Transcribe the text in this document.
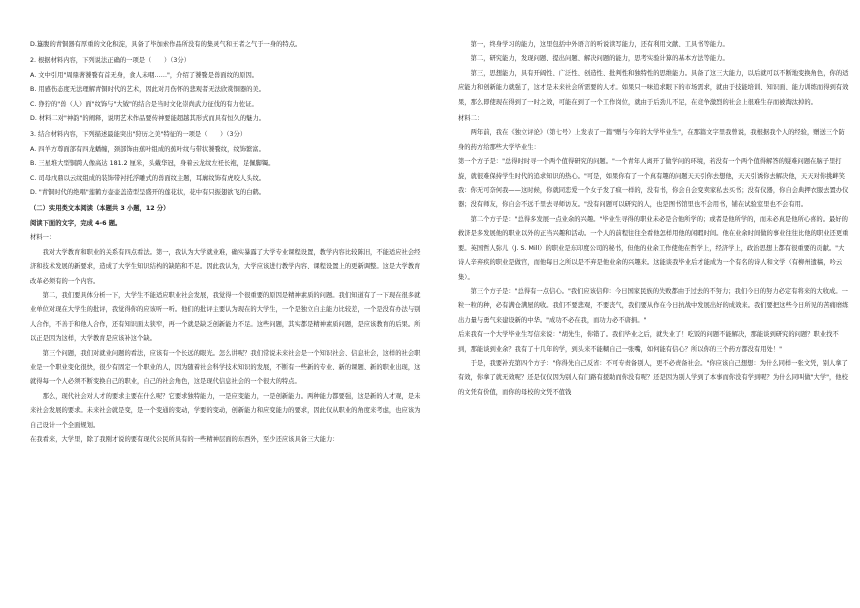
D.簋腹的青铜器有厚重的文化积淀，具备了毕加索作品所没有的集灵气和王者之气于一身的特点。

2. 根据材料内容，下列说法正确的一项是（　　）（3分）

A. 文中引用"周鼎著饕餮有首无身，食人未咽……"，介绍了饕餮是兽面纹的原因。

B. 用感伤态度无法理解青铜时代的艺术，因此对月伤怀的悲观者无法欣赏铜器的美。

C. 狰狞的"兽（人）面"纹饰与"大钺"的结合是当时文化崇尚武力征伐的有力佐证。

D. 材料二对"神韵"的阐释，说明艺术作品要传神要能超越其形式而具有恒久的魅力。

3. 结合材料内容，下列描述最能突出"狩历之美"特征的一项是（　　）（3分）

A. 四羊方尊面部有四龙蟠缠，颈部饰由蕉叶组成的蕉叶纹与带状饕餮纹，纹饰繁富。

B. 三星堆大型铜跨人像高达 181.2 厘米，头戴华冠，身着云龙纹左衽长袍，足佩脚镯。

C. 司母戊鼎以云纹组成的装饰带衬托浮雕式的兽面纹主题，耳廓纹饰有虎咬人头纹。

D. "青铜时代的绝唱"莲鹤方壶壶盖造型呈盛开的莲花状，花中有只振翅欲飞的白鹤。

（二）实用类文本阅读（本题共 3 小题，12 分）

阅读下面的文字，完成 4-6 题。

材料一：

我对大学教育和职业的关系有四点看法。第一，我认为大学就业难，确实暴露了大学专业课程设置，教学内容比较陈旧，不能适应社会经济和技术发展的新要求，造成了大学生知识结构的缺陷和不足。因此我认为，大学应该进行教学内容、课程设置上的更新调整。这是大学教育改革必须有的一个内容。

第二，我们要具体分析一下，大学生不能适应职业社会发展，我觉得一个很重要的原因是精神素质的问题。我们知道有了一下现在很多就业单位对现在大学生的批评，我觉得你的应该听一听。他们的批评主要认为现在的大学生，一个是独立自主能力比较差，一个是没有办法与别人合作，不善于和他人合作，还有知识面太狭窄，再一个就是缺乏创新能力不足。这些问题，其实都是精神素质问题，是应该教育的后果。所以正是因为这样，大学教育是应该补这个缺。

第三个问题，我们对就业问题的看法，应该有一个长远的眼光。怎么讲呢？我们常说未来社会是一个知识社会、信息社会，这样的社会职业是一个职业变化很快，很少有固定一个职业的人，因为随着社会科学技术知识的发展，不断有一些新的专业、新的课题、新的职业出现，这就得每一个人必须不断变换自己的职业，自己的社会角色，这是现代信息社会的一个很大的特点。

那么，现代社会对人才的要求主要在什么呢？它要求独特能力，一是应变能力，一是创新能力。两种能力都要强，这是新的人才观，是未来社会发展的要求。未来社会就是变，是一个变通的变动，学要的变动，创新能力和应变能力的要求，因此仅从职业的角度来考虑，也应该为自己设计一个全面规划。

在我看来，大学里，除了我刚才说的要有现代公民所具有的一些精神层面的东西外，至少还应该具备三大能力：

第一，终身学习的能力，这里包括中外语言的听说读写能力，还有利用文献、工具书等能力。

第二，研究能力，发现问题、提出问题、解决问题的能力，思考实验计算的基本方法等能力。

第三，思想能力，具有开阔性、广泛性、创造性、批判性和独特性的思维能力。具备了这三大能力，以后就可以不断地变换角色，你的适应能力和创新能力就强了，这才是未来社会所需要的人才。如果只一味追求眼下的市场需求，就由于技能培训、知识面、能力训练而得到有效果，那么即使现在得到了一时之效，可能在到了一个工作岗位，就由于后劲儿不足，在竞争激烈的社会上很难生存而被淘汰掉的。

材料二：

两年前，我在《独立评论》（第七号）上发表了一篇"赠与今年的大学毕业生"，在那篇文字里我曾说，我根据我个人的经验，赠送三个防身的药方给那些大学毕业生：

第一个方子是："总得时时寻一个两个值得研究的问题。"一个青年人离开了做学问的环境，若没有一个两个值得解答的疑难问题在脑子里打旋，就很难保持学生时代的追求知识的热心。"可是，如果你有了一个真有趣的问题天天引你去想他，天天引诱你去解决他，天天对你挑衅笑我：你无可奈何我——这时候，你就同恋爱一个女子发了疯一样的，没有书，你会自会变卖家私去买书；没有仪器，你自会典押衣服去置办仪器；没有师友，你自会不远千里去寻师访友。"没有问题可以研究的人，也是图书馆里也不会用书，铺在试验室里也不会有用。

第二个方子是："总得多发展一点业余的兴趣。"毕业生寻得的职业未必是合他所学的；或者是他所学的，而未必真是他所心喜的。最好的救济是多发展他的职业以外的正当兴趣和活动。一个人的前程往往全看他怎样用他的闲暇时间。他在业余时间做的事业往往比他的职业还更重要。英国哲人弥儿（J. S. Mill）的职业是东印度公司的秘书，但他的业余工作使他在哲学上，经济学上，政治思想上都有很重要的贡献。"大诗人辛弃疾的职业是做官，而他每日之所以是不弃是他业余的兴趣来。这能谈我毕业后才能成为一个有名的诗人和文学（有柳州遗稿，吟云集）。

第三个方子是："总得有一点信心。"我们应该信仰：今日国家民族的失败都由于过去的不努力；我们今日的努力必定有将来的大收成。一粒一粒的种，必有满仓满屋的收。我们不要悲观，不要丧气，我们要从作在今日抗战中发展出好的成效来。我们要把这些今日所见的苦痛磨练出力量与勇气来建设新的中华。"成功不必在我，而功力必不唐捐。"

后来我有一个大学毕业生写信来说："胡先生，你错了。我们毕业之后，就失业了！吃饭的问题不能解决，那能谈到研究的问题？职业找不到，那能谈到业余？我有了十几年的学，到头来不能糊自己一张嘴，如何能有信心？所以你的三个药方都没有用处！"

于是，我要补充第四个方子："你得先自己反省：不可专责备别人，更不必责备社会。"你应该自己想想：为什么同样一张文凭，别人拿了有效，你拿了就无效呢？还是仅仅因为别人有门路有援助而你没有呢？还是因为别人学到了本事而你没有学到呢？为什么同叫做"大学"，他校的文凭有价值，而你的母校的文凭不值钱
